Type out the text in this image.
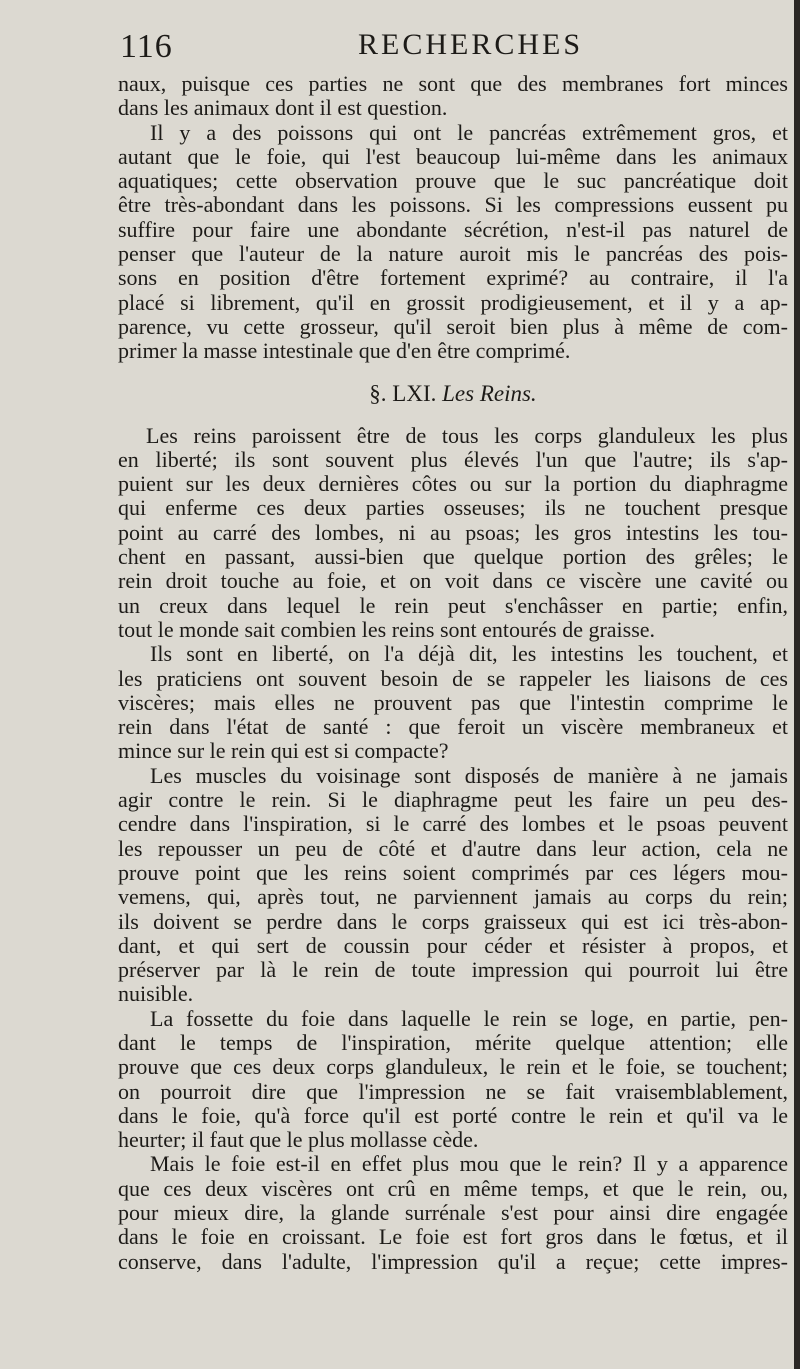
116	RECHERCHES
naux, puisque ces parties ne sont que des membranes fort minces
dans les animaux dont il est question.
Il y a des poissons qui ont le pancréas extrêmement gros, et
autant que le foie, qui l'est beaucoup lui-même dans les animaux
aquatiques; cette observation prouve que le suc pancréatique doit
être très-abondant dans les poissons. Si les compressions eussent pu
suffire pour faire une abondante sécrétion, n'est-il pas naturel de
penser que l'auteur de la nature auroit mis le pancréas des pois-
sons en position d'être fortement exprimé? au contraire, il l'a
placé si librement, qu'il en grossit prodigieusement, et il y a ap-
parence, vu cette grosseur, qu'il seroit bien plus à même de com-
primer la masse intestinale que d'en être comprimé.
§. LXI. Les Reins.
Les reins paroissent être de tous les corps glanduleux les plus
en liberté; ils sont souvent plus élevés l'un que l'autre; ils s'ap-
puient sur les deux dernières côtes ou sur la portion du diaphragme
qui enferme ces deux parties osseuses; ils ne touchent presque
point au carré des lombes, ni au psoas; les gros intestins les tou-
chent en passant, aussi-bien que quelque portion des grêles; le
rein droit touche au foie, et on voit dans ce viscère une cavité ou
un creux dans lequel le rein peut s'enchâsser en partie; enfin,
tout le monde sait combien les reins sont entourés de graisse.
Ils sont en liberté, on l'a déjà dit, les intestins les touchent, et
les praticiens ont souvent besoin de se rappeler les liaisons de ces
viscères; mais elles ne prouvent pas que l'intestin comprime le
rein dans l'état de santé : que feroit un viscère membraneux et
mince sur le rein qui est si compacte?
Les muscles du voisinage sont disposés de manière à ne jamais
agir contre le rein. Si le diaphragme peut les faire un peu des-
cendre dans l'inspiration, si le carré des lombes et le psoas peuvent
les repousser un peu de côté et d'autre dans leur action, cela ne
prouve point que les reins soient comprimés par ces légers mou-
vemens, qui, après tout, ne parviennent jamais au corps du rein;
ils doivent se perdre dans le corps graisseux qui est ici très-abon-
dant, et qui sert de coussin pour céder et résister à propos, et
préserver par là le rein de toute impression qui pourroit lui être
nuisible.
La fossette du foie dans laquelle le rein se loge, en partie, pen-
dant le temps de l'inspiration, mérite quelque attention; elle
prouve que ces deux corps glanduleux, le rein et le foie, se touchent;
on pourroit dire que l'impression ne se fait vraisemblablement,
dans le foie, qu'à force qu'il est porté contre le rein et qu'il va le
heurter; il faut que le plus mollasse cède.
Mais le foie est-il en effet plus mou que le rein? Il y a apparence
que ces deux viscères ont crû en même temps, et que le rein, ou,
pour mieux dire, la glande surrénale s'est pour ainsi dire engagée
dans le foie en croissant. Le foie est fort gros dans le fœtus, et il
conserve, dans l'adulte, l'impression qu'il a reçue; cette impres-
